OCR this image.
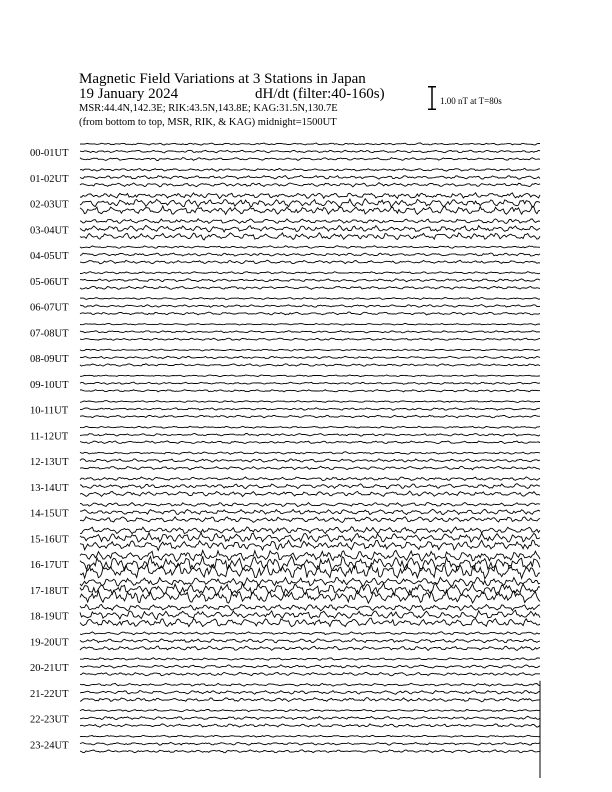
Magnetic Field Variations at 3 Stations in Japan
19 January 2024	dH/dt (filter:40-160s)
MSR:44.4N,142.3E; RIK:43.5N,143.8E; KAG:31.5N,130.7E
(from bottom to top, MSR, RIK, & KAG) midnight=1500UT
1.00 nT at T=80s
00-01UT
01-02UT
02-03UT
03-04UT
04-05UT
05-06UT
06-07UT
07-08UT
08-09UT
09-10UT
10-11UT
11-12UT
12-13UT
13-14UT
14-15UT
15-16UT
16-17UT
17-18UT
18-19UT
19-20UT
20-21UT
21-22UT
22-23UT
23-24UT
